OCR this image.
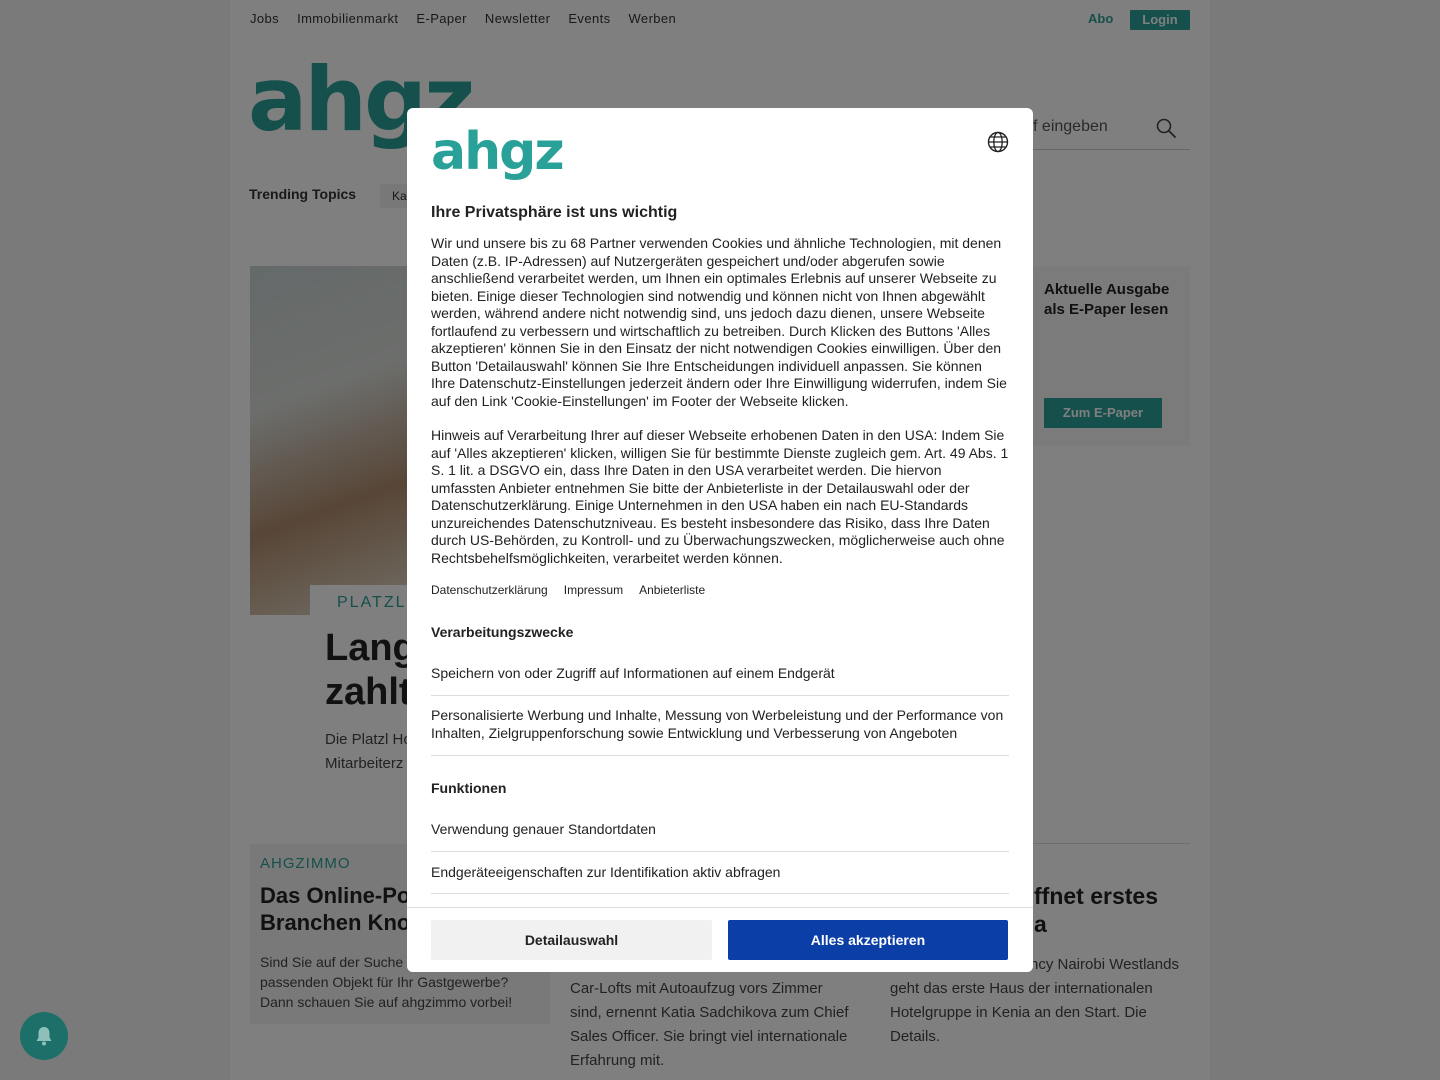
ahgz
Ihre Privatsphäre ist uns wichtig
Wir und unsere bis zu 68 Partner verwenden Cookies und ähnliche Technologien, mit denen Daten (z.B. IP-Adressen) auf Nutzergeräten gespeichert und/oder abgerufen sowie anschließend verarbeitet werden, um Ihnen ein optimales Erlebnis auf unserer Webseite zu bieten. Einige dieser Technologien sind notwendig und können nicht von Ihnen abgewählt werden, während andere nicht notwendig sind, uns jedoch dazu dienen, unsere Webseite fortlaufend zu verbessern und wirtschaftlich zu betreiben. Durch Klicken des Buttons 'Alles akzeptieren' können Sie in den Einsatz der nicht notwendigen Cookies einwilligen. Über den Button 'Detailauswahl' können Sie Ihre Entscheidungen individuell anpassen. Sie können Ihre Datenschutz-Einstellungen jederzeit ändern oder Ihre Einwilligung widerrufen, indem Sie auf den Link 'Cookie-Einstellungen' im Footer der Webseite klicken.
Hinweis auf Verarbeitung Ihrer auf dieser Webseite erhobenen Daten in den USA: Indem Sie auf 'Alles akzeptieren' klicken, willigen Sie für bestimmte Dienste zugleich gem. Art. 49 Abs. 1 S. 1 lit. a DSGVO ein, dass Ihre Daten in den USA verarbeitet werden. Die hiervon umfassten Anbieter entnehmen Sie bitte der Anbieterliste in der Detailauswahl oder der Datenschutzerklärung. Einige Unternehmen in den USA haben ein nach EU-Standards unzureichendes Datenschutzniveau. Es besteht insbesondere das Risiko, dass Ihre Daten durch US-Behörden, zu Kontroll- und zu Überwachungszwecken, möglicherweise auch ohne Rechtsbehelfsmöglichkeiten, verarbeitet werden können.
Datenschutzerklärung Impressum Anbieterliste
Verarbeitungszwecke
Speichern von oder Zugriff auf Informationen auf einem Endgerät
Personalisierte Werbung und Inhalte, Messung von Werbeleistung und der Performance von Inhalten, Zielgruppenforschung sowie Entwicklung und Verbesserung von Angeboten
Funktionen
Verwendung genauer Standortdaten
Endgeräteeigenschaften zur Identifikation aktiv abfragen
Detailauswahl	Alles akzeptieren
